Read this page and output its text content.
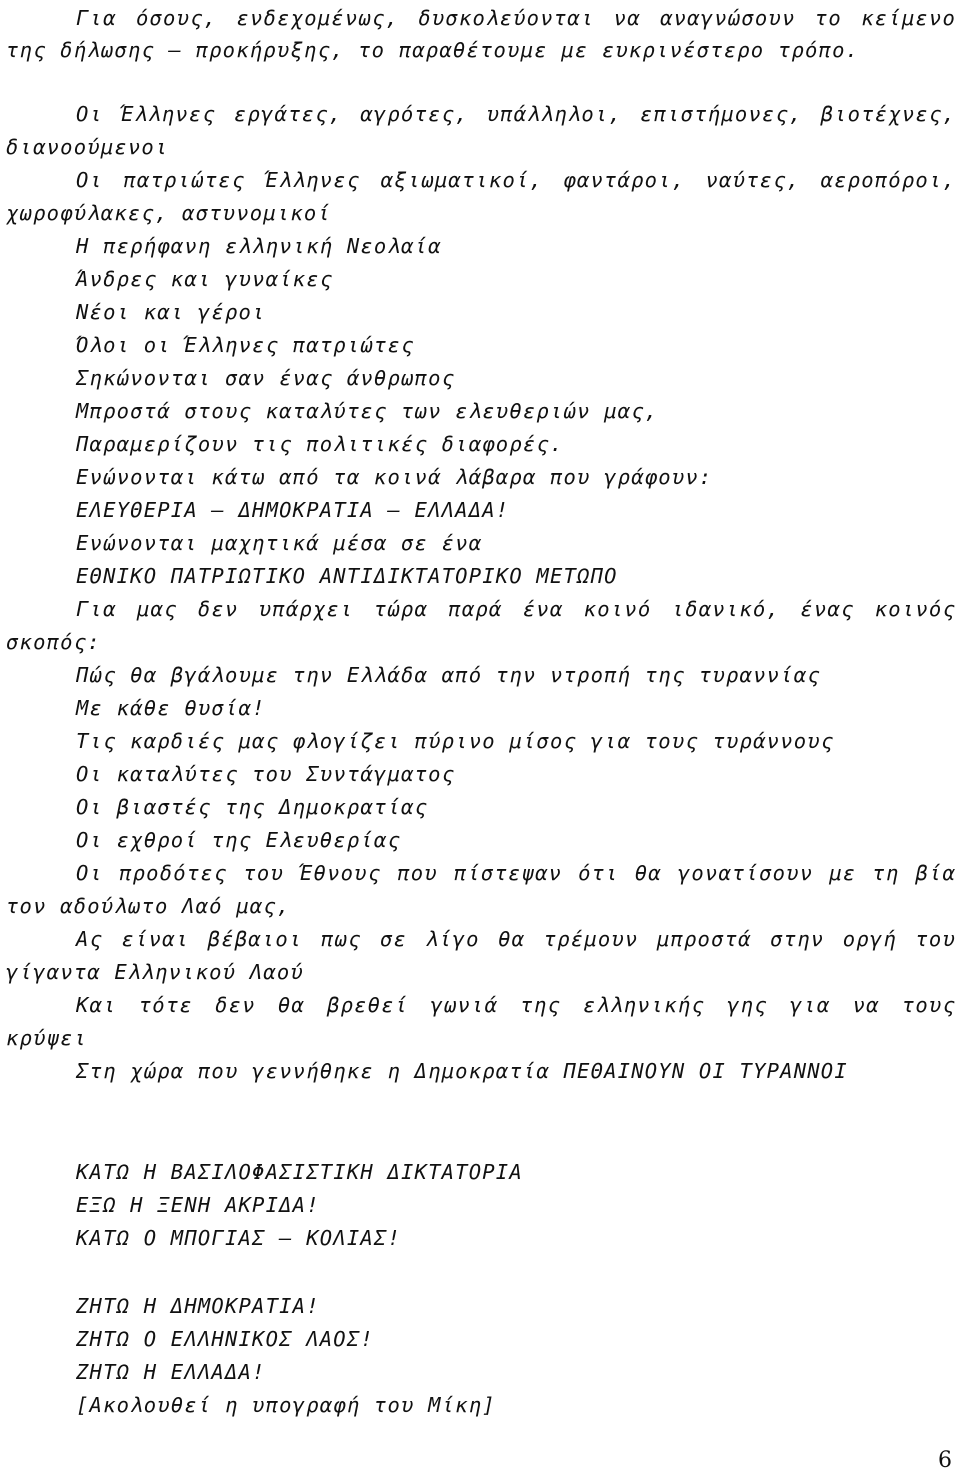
Για όσους, ενδεχομένως, δυσκολεύονται να αναγνώσουν το κείμενο της δήλωσης – προκήρυξης, το παραθέτουμε με ευκρινέστερο τρόπο.

Οι Έλληνες εργάτες, αγρότες, υπάλληλοι, επιστήμονες, βιοτέχνες, διανοούμενοι

Οι πατριώτες Έλληνες αξιωματικοί, φαντάροι, ναύτες, αεροπόροι, χωροφύλακες, αστυνομικοί

Η περήφανη ελληνική Νεολαία

Άνδρες και γυναίκες

Νέοι και γέροι

Όλοι οι Έλληνες πατριώτες

Σηκώνονται σαν ένας άνθρωπος

Μπροστά στους καταλύτες των ελευθεριών μας,

Παραμερίζουν τις πολιτικές διαφορές.

Ενώνονται κάτω από τα κοινά λάβαρα που γράφουν:

ΕΛΕΥΘΕΡΙΑ – ΔΗΜΟΚΡΑΤΙΑ – ΕΛΛΑΔΑ!

Ενώνονται μαχητικά μέσα σε ένα

ΕΘΝΙΚΟ ΠΑΤΡΙΩΤΙΚΟ ΑΝΤΙΔΙΚΤΑΤΟΡΙΚΟ ΜΕΤΩΠΟ

Για μας δεν υπάρχει τώρα παρά ένα κοινό ιδανικό, ένας κοινός σκοπός:

Πώς θα βγάλουμε την Ελλάδα από την ντροπή της τυραννίας

Με κάθε θυσία!

Τις καρδιές μας φλογίζει πύρινο μίσος για τους τυράννους

Οι καταλύτες του Συντάγματος

Οι βιαστές της Δημοκρατίας

Οι εχθροί της Ελευθερίας

Οι προδότες του Έθνους που πίστεψαν ότι θα γονατίσουν με τη βία τον αδούλωτο Λαό μας,

Ας είναι βέβαιοι πως σε λίγο θα τρέμουν μπροστά στην οργή του γίγαντα Ελληνικού Λαού

Και τότε δεν θα βρεθεί γωνιά της ελληνικής γης για να τους κρύψει

Στη χώρα που γεννήθηκε η Δημοκρατία ΠΕΘΑΙΝΟΥΝ ΟΙ ΤΥΡΑΝΝΟΙ

ΚΑΤΩ Η ΒΑΣΙΛΟΦΑΣΙΣΤΙΚΗ ΔΙΚΤΑΤΟΡΙΑ

ΕΞΩ Η ΞΕΝΗ ΑΚΡΙΔΑ!

ΚΑΤΩ Ο ΜΠΟΓΙΑΣ – ΚΟΛΙΑΣ!

ΖΗΤΩ Η ΔΗΜΟΚΡΑΤΙΑ!

ΖΗΤΩ Ο ΕΛΛΗΝΙΚΟΣ ΛΑΟΣ!

ΖΗΤΩ Η ΕΛΛΑΔΑ!

[Ακολουθεί η υπογραφή του Μίκη]

6
